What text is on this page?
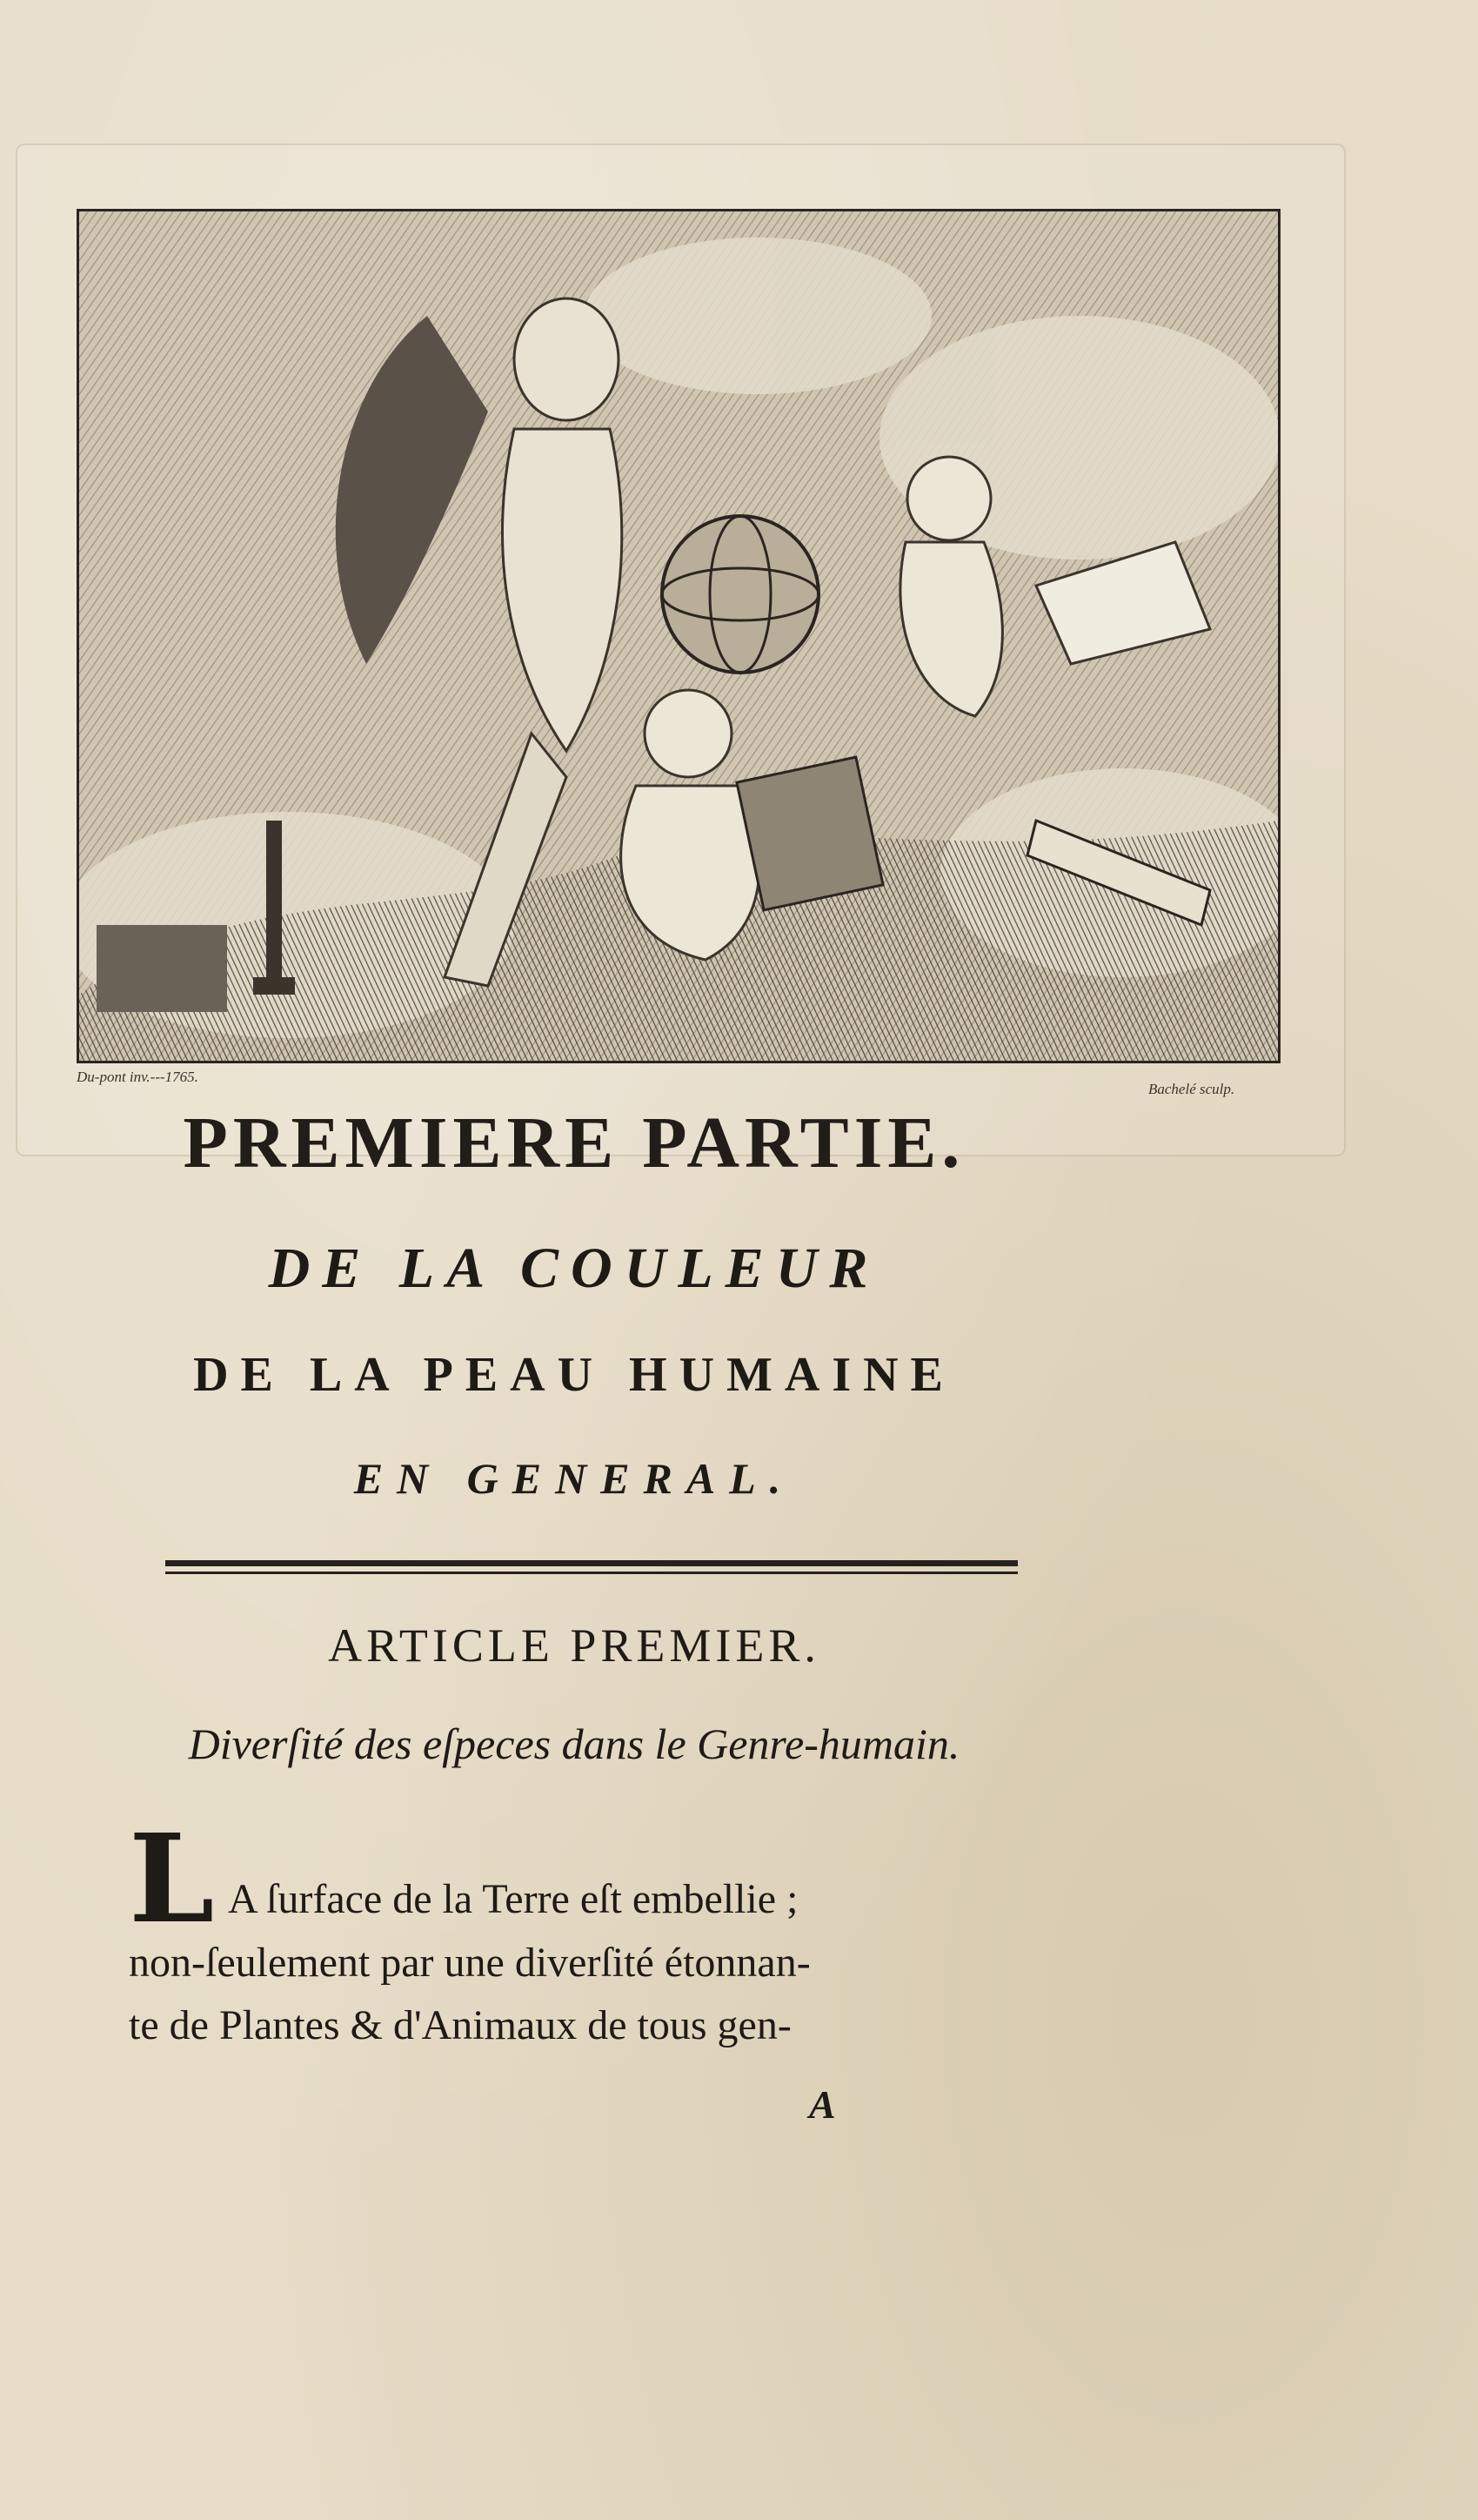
Du-pont inv.---1765.
Bachelé sculp.
PREMIERE PARTIE.
DE LA COULEUR
DE LA PEAU HUMAINE
EN GENERAL.
ARTICLE PREMIER.
Diverſité des eſpeces dans le Genre-humain.
L A ſurface de la Terre eſt embellie ;
non-ſeulement par une diverſité étonnan-
te de Plantes & d'Animaux de tous gen-
A
